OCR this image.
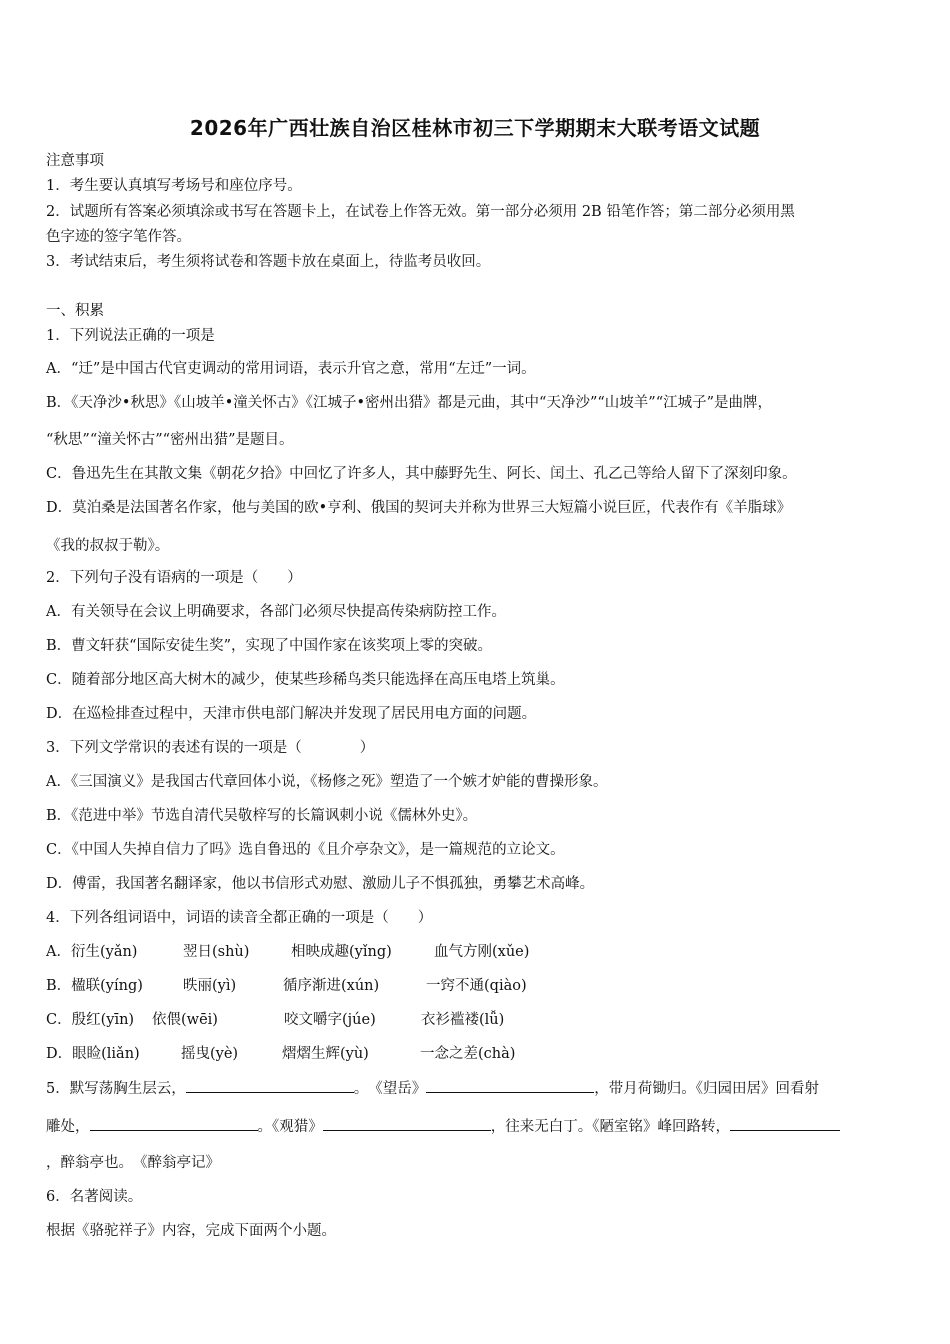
2026年广西壮族自治区桂林市初三下学期期末大联考语文试题
注意事项
1．考生要认真填写考场号和座位序号。
2．试题所有答案必须填涂或书写在答题卡上，在试卷上作答无效。第一部分必须用 2B 铅笔作答；第二部分必须用黑
色字迹的签字笔作答。
3．考试结束后，考生须将试卷和答题卡放在桌面上，待监考员收回。
一、积累
1．下列说法正确的一项是
A．“迁”是中国古代官吏调动的常用词语，表示升官之意，常用“左迁”一词。
B．《天净沙•秋思》《山坡羊•潼关怀古》《江城子•密州出猎》都是元曲，其中“天净沙”“山坡羊”“江城子”是曲牌，
“秋思”“潼关怀古”“密州出猎”是题目。
C．鲁迅先生在其散文集《朝花夕拾》中回忆了许多人，其中藤野先生、阿长、闰土、孔乙己等给人留下了深刻印象。
D．莫泊桑是法国著名作家，他与美国的欧•亨利、俄国的契诃夫并称为世界三大短篇小说巨匠，代表作有《羊脂球》
《我的叔叔于勒》。
2．下列句子没有语病的一项是（　　）
A．有关领导在会议上明确要求，各部门必须尽快提高传染病防控工作。
B．曹文轩获“国际安徒生奖”，实现了中国作家在该奖项上零的突破。
C．随着部分地区高大树木的减少，使某些珍稀鸟类只能选择在高压电塔上筑巢。
D．在巡检排查过程中，天津市供电部门解决并发现了居民用电方面的问题。
3．下列文学常识的表述有误的一项是（　　　　）
A．《三国演义》是我国古代章回体小说，《杨修之死》塑造了一个嫉才妒能的曹操形象。
B．《范进中举》节选自清代吴敬梓写的长篇讽刺小说《儒林外史》。
C．《中国人失掉自信力了吗》选自鲁迅的《且介亭杂文》，是一篇规范的立论文。
D．傅雷，我国著名翻译家，他以书信形式劝慰、激励儿子不惧孤独，勇攀艺术高峰。
4．下列各组词语中，词语的读音全都正确的一项是（　　）
A．衍生(yǎn)	翌日(shù)	相映成趣(yǐng)	血气方刚(xǔe)
B．楹联(yíng)	昳丽(yì)	循序渐进(xún)	一窍不通(qiào)
C．殷红(yīn) 依偎(wēi)	咬文嚼字(júe)	衣衫褴褛(lǚ)
D．眼睑(liǎn)	摇曳(yè)	熠熠生辉(yù)	一念之差(chà)
5．默写荡胸生层云，	。　《望岳》	，带月荷锄归。《归园田居》回看射
雕处，	。《观猎》	，往来无白丁。《陋室铭》峰回路转，
，醉翁亭也。　《醉翁亭记》
6．名著阅读。
根据《骆驼祥子》内容，完成下面两个小题。
